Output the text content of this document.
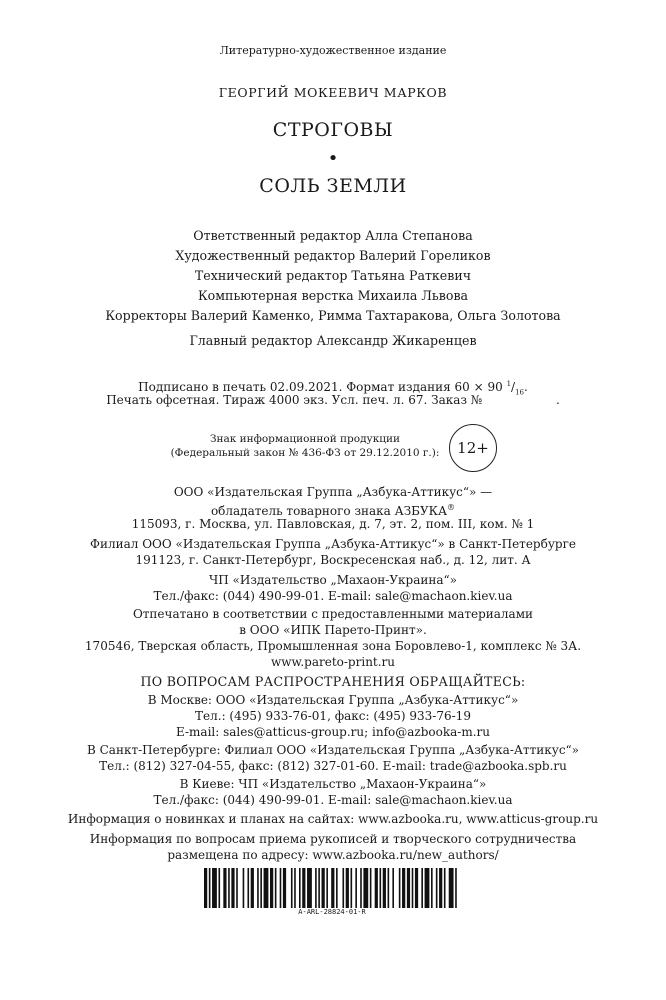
Литературно-художественное издание
ГЕОРГИЙ МОКЕЕВИЧ МАРКОВ
СТРОГОВЫ
•
СОЛЬ ЗЕМЛИ
Ответственный редактор Алла Степанова
Художественный редактор Валерий Гореликов
Технический редактор Татьяна Раткевич
Компьютерная верстка Михаила Львова
Корректоры Валерий Каменко, Римма Тахтаракова, Ольга Золотова
Главный редактор Александр Жикаренцев
Подписано в печать 02.09.2021. Формат издания 60 × 90 $^1/_{16}$.
Печать офсетная. Тираж 4000 экз. Усл. печ. л. 67. Заказ №	.
Знак информационной продукции
(Федеральный закон № 436-ФЗ от 29.12.2010 г.):	12+
ООО «Издательская Группа „Азбука-Аттикус“» —
обладатель товарного знака АЗБУКА®
115093, г. Москва, ул. Павловская, д. 7, эт. 2, пом. III, ком. № 1
Филиал ООО «Издательская Группа „Азбука-Аттикус“» в Санкт-Петербурге
191123, г. Санкт-Петербург, Воскресенская наб., д. 12, лит. А
ЧП «Издательство „Махаон-Украина“»
Тел./факс: (044) 490-99-01. E-mail: sale@machaon.kiev.ua
Отпечатано в соответствии с предоставленными материалами
в ООО «ИПК Парето-Принт».
170546, Тверская область, Промышленная зона Боровлево-1, комплекс № 3А.
www.pareto-print.ru
ПО ВОПРОСАМ РАСПРОСТРАНЕНИЯ ОБРАЩАЙТЕСЬ:
В Москве: ООО «Издательская Группа „Азбука-Аттикус“»
Тел.: (495) 933-76-01, факс: (495) 933-76-19
E-mail: sales@atticus-group.ru; info@azbooka-m.ru
В Санкт-Петербурге: Филиал ООО «Издательская Группа „Азбука-Аттикус“»
Тел.: (812) 327-04-55, факс: (812) 327-01-60. E-mail: trade@azbooka.spb.ru
В Киеве: ЧП «Издательство „Махаон-Украина“»
Тел./факс: (044) 490-99-01. E-mail: sale@machaon.kiev.ua
Информация о новинках и планах на сайтах: www.azbooka.ru, www.atticus-group.ru
Информация по вопросам приема рукописей и творческого сотрудничества
размещена по адресу: www.azbooka.ru/new_authors/
A-ARL-28824-01-R
